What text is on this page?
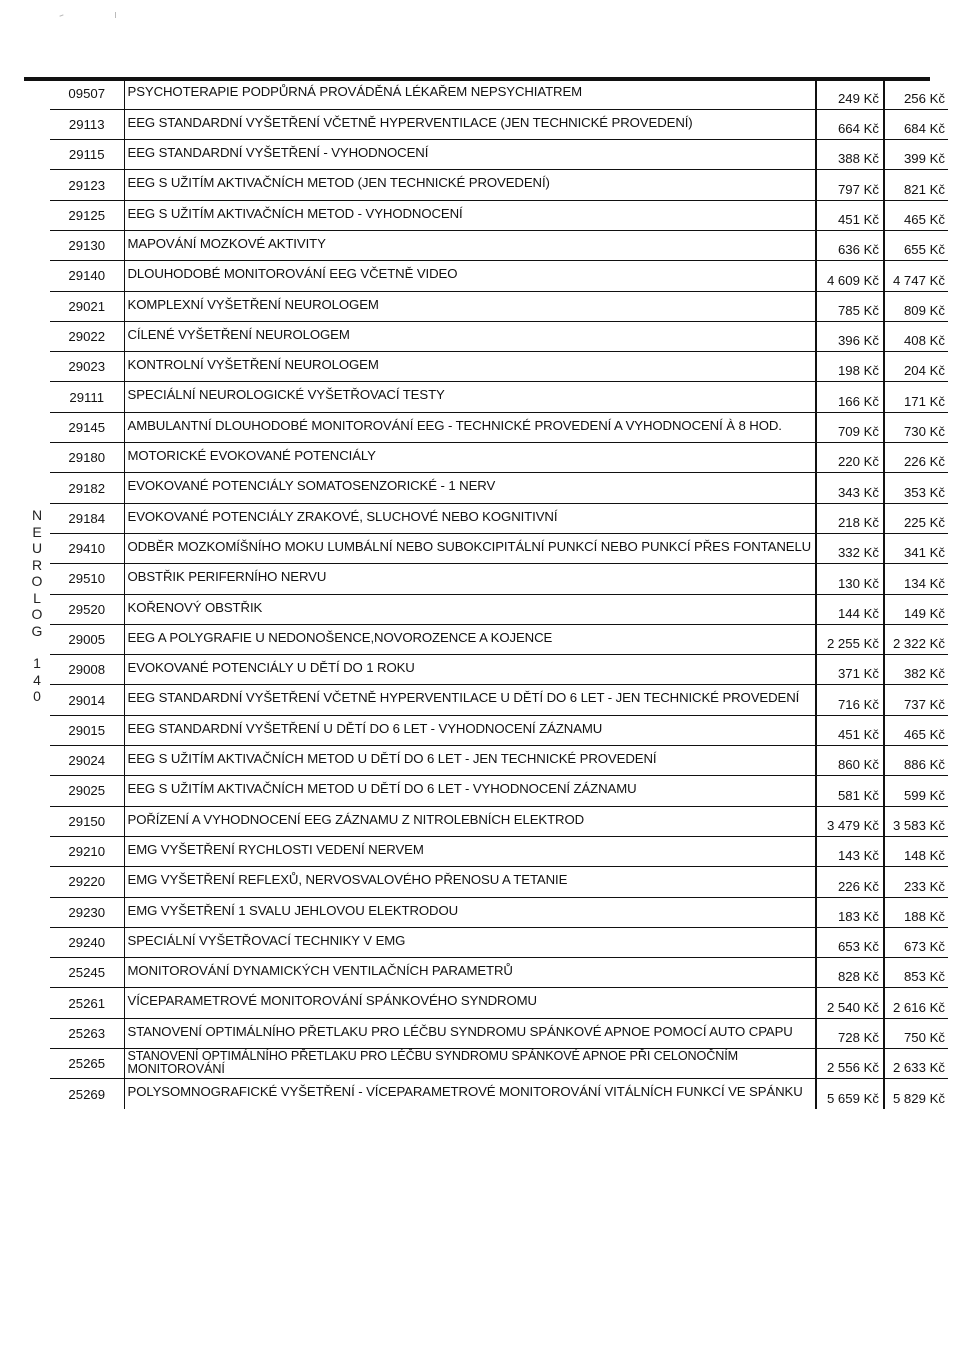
N
E
U
R
O
L
O
G
1
4
0
09507	PSYCHOTERAPIE PODPŮRNÁ PROVÁDĚNÁ LÉKAŘEM NEPSYCHIATREM	249 Kč	256 Kč
29113	EEG STANDARDNÍ VYŠETŘENÍ VČETNĚ HYPERVENTILACE (JEN TECHNICKÉ PROVEDENÍ)	664 Kč	684 Kč
29115	EEG STANDARDNÍ VYŠETŘENÍ - VYHODNOCENÍ	388 Kč	399 Kč
29123	EEG S UŽITÍM AKTIVAČNÍCH METOD (JEN TECHNICKÉ PROVEDENÍ)	797 Kč	821 Kč
29125	EEG S UŽITÍM AKTIVAČNÍCH METOD - VYHODNOCENÍ	451 Kč	465 Kč
29130	MAPOVÁNÍ MOZKOVÉ AKTIVITY	636 Kč	655 Kč
29140	DLOUHODOBÉ MONITOROVÁNÍ EEG VČETNĚ VIDEO	4 609 Kč	4 747 Kč
29021	KOMPLEXNÍ VYŠETŘENÍ NEUROLOGEM	785 Kč	809 Kč
29022	CÍLENÉ VYŠETŘENÍ NEUROLOGEM	396 Kč	408 Kč
29023	KONTROLNÍ VYŠETŘENÍ NEUROLOGEM	198 Kč	204 Kč
29111	SPECIÁLNÍ NEUROLOGICKÉ VYŠETŘOVACÍ TESTY	166 Kč	171 Kč
29145	AMBULANTNÍ DLOUHODOBÉ MONITOROVÁNÍ EEG - TECHNICKÉ PROVEDENÍ A VYHODNOCENÍ À 8 HOD.	709 Kč	730 Kč
29180	MOTORICKÉ EVOKOVANÉ POTENCIÁLY	220 Kč	226 Kč
29182	EVOKOVANÉ POTENCIÁLY SOMATOSENZORICKÉ - 1 NERV	343 Kč	353 Kč
29184	EVOKOVANÉ POTENCIÁLY ZRAKOVÉ, SLUCHOVÉ NEBO KOGNITIVNÍ	218 Kč	225 Kč
29410	ODBĚR MOZKOMÍŠNÍHO MOKU LUMBÁLNÍ NEBO SUBOKCIPITÁLNÍ PUNKCÍ NEBO PUNKCÍ PŘES FONTANELU	332 Kč	341 Kč
29510	OBSTŘIK PERIFERNÍHO NERVU	130 Kč	134 Kč
29520	KOŘENOVÝ OBSTŘIK	144 Kč	149 Kč
29005	EEG A POLYGRAFIE U NEDONOŠENCE,NOVOROZENCE A KOJENCE	2 255 Kč	2 322 Kč
29008	EVOKOVANÉ POTENCIÁLY U DĚTÍ DO 1 ROKU	371 Kč	382 Kč
29014	EEG STANDARDNÍ VYŠETŘENÍ VČETNĚ HYPERVENTILACE U DĚTÍ DO 6 LET - JEN TECHNICKÉ PROVEDENÍ	716 Kč	737 Kč
29015	EEG STANDARDNÍ VYŠETŘENÍ U DĚTÍ DO 6 LET - VYHODNOCENÍ ZÁZNAMU	451 Kč	465 Kč
29024	EEG S UŽITÍM AKTIVAČNÍCH METOD U DĚTÍ DO 6 LET - JEN TECHNICKÉ PROVEDENÍ	860 Kč	886 Kč
29025	EEG S UŽITÍM AKTIVAČNÍCH METOD U DĚTÍ DO 6 LET - VYHODNOCENÍ ZÁZNAMU	581 Kč	599 Kč
29150	POŘÍZENÍ A VYHODNOCENÍ EEG ZÁZNAMU Z NITROLEBNÍCH ELEKTROD	3 479 Kč	3 583 Kč
29210	EMG VYŠETŘENÍ RYCHLOSTI VEDENÍ NERVEM	143 Kč	148 Kč
29220	EMG VYŠETŘENÍ REFLEXŮ, NERVOSVALOVÉHO PŘENOSU A TETANIE	226 Kč	233 Kč
29230	EMG VYŠETŘENÍ 1 SVALU JEHLOVOU ELEKTRODOU	183 Kč	188 Kč
29240	SPECIÁLNÍ VYŠETŘOVACÍ TECHNIKY V EMG	653 Kč	673 Kč
25245	MONITOROVÁNÍ DYNAMICKÝCH VENTILAČNÍCH PARAMETRŮ	828 Kč	853 Kč
25261	VÍCEPARAMETROVÉ MONITOROVÁNÍ SPÁNKOVÉHO SYNDROMU	2 540 Kč	2 616 Kč
25263	STANOVENÍ OPTIMÁLNÍHO PŘETLAKU PRO LÉČBU SYNDROMU SPÁNKOVÉ APNOE POMOCÍ AUTO CPAPU	728 Kč	750 Kč
25265	STANOVENÍ OPTIMÁLNÍHO PŘETLAKU PRO LÉČBU SYNDROMU SPÁNKOVÉ APNOE PŘI CELONOČNÍM MONITOROVÁNÍ	2 556 Kč	2 633 Kč
25269	POLYSOMNOGRAFICKÉ VYŠETŘENÍ - VÍCEPARAMETROVÉ MONITOROVÁNÍ VITÁLNÍCH FUNKCÍ VE SPÁNKU	5 659 Kč	5 829 Kč
